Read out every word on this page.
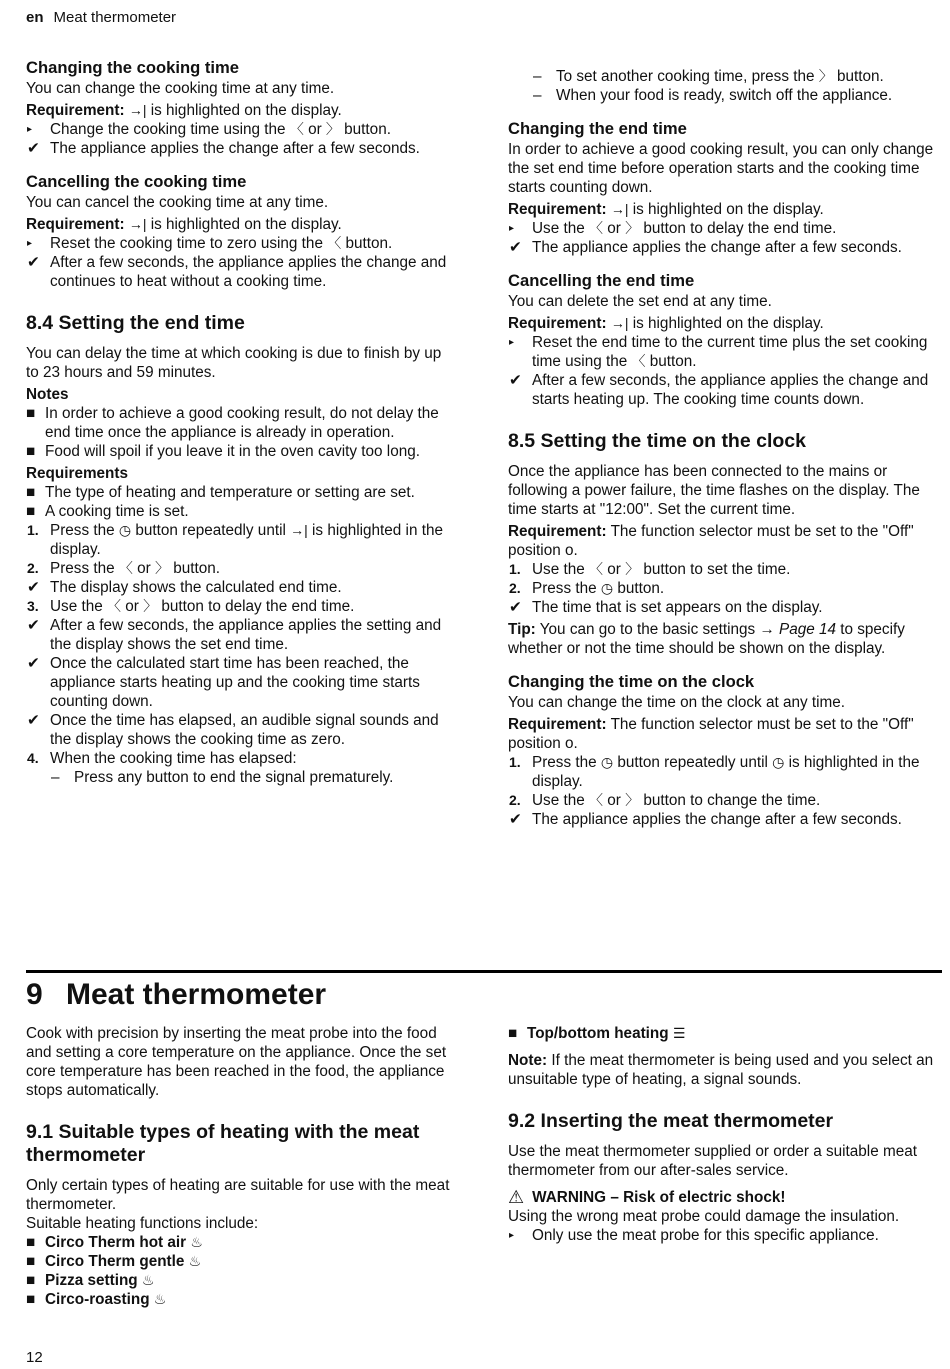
en Meat thermometer

Changing the cooking time

You can change the cooking time at any time.

Requirement: →| is highlighted on the display.

▸	Change the cooking time using the 〈 or 〉 button.
✔ The appliance applies the change after a few seconds.

Cancelling the cooking time

You can cancel the cooking time at any time.

Requirement: →| is highlighted on the display.

▸	Reset the cooking time to zero using the 〈 button.
✔ After a few seconds, the appliance applies the change and continues to heat without a cooking time.

8.4 Setting the end time

You can delay the time at which cooking is due to finish by up to 23 hours and 59 minutes.

Notes

■ In order to achieve a good cooking result, do not delay the end time once the appliance is already in operation.
■ Food will spoil if you leave it in the oven cavity too long.

Requirements

■ The type of heating and temperature or setting are set.
■ A cooking time is set.
1. Press the ◷ button repeatedly until →| is highlighted in the display.
2. Press the 〈 or 〉 button.
✔ The display shows the calculated end time.
3. Use the 〈 or 〉 button to delay the end time.
✔ After a few seconds, the appliance applies the setting and the display shows the set end time.
✔ Once the calculated start time has been reached, the appliance starts heating up and the cooking time starts counting down.
✔ Once the time has elapsed, an audible signal sounds and the display shows the cooking time as zero.
4. When the cooking time has elapsed:
– Press any button to end the signal prematurely.
– To set another cooking time, press the 〉 button.
– When your food is ready, switch off the appliance.

Changing the end time

In order to achieve a good cooking result, you can only change the set end time before operation starts and the cooking time starts counting down.

Requirement: →| is highlighted on the display.

▸	Use the 〈 or 〉 button to delay the end time.
✔ The appliance applies the change after a few seconds.

Cancelling the end time

You can delete the set end at any time.

Requirement: →| is highlighted on the display.

▸	Reset the end time to the current time plus the set cooking time using the 〈 button.
✔ After a few seconds, the appliance applies the change and starts heating up. The cooking time counts down.

8.5 Setting the time on the clock

Once the appliance has been connected to the mains or following a power failure, the time flashes on the display. The time starts at "12:00". Set the current time.

Requirement: The function selector must be set to the "Off" position o.

1. Use the 〈 or 〉 button to set the time.
2. Press the ◷ button.
✔ The time that is set appears on the display.

Tip: You can go to the basic settings → Page 14 to specify whether or not the time should be shown on the display.

Changing the time on the clock

You can change the time on the clock at any time.

Requirement: The function selector must be set to the "Off" position o.

1. Press the ◷ button repeatedly until ◷ is highlighted in the display.
2. Use the 〈 or 〉 button to change the time.
✔ The appliance applies the change after a few seconds.
9 Meat thermometer

Cook with precision by inserting the meat probe into the food and setting a core temperature on the appliance. Once the set core temperature has been reached in the food, the appliance stops automatically.

9.1 Suitable types of heating with the meat thermometer

Only certain types of heating are suitable for use with the meat thermometer.

Suitable heating functions include:

■ Circo Therm hot air ♨
■ Circo Therm gentle ♨
■ Pizza setting ♨
■ Circo-roasting ♨
■ Top/bottom heating ☰

Note: If the meat thermometer is being used and you select an unsuitable type of heating, a signal sounds.

9.2 Inserting the meat thermometer

Use the meat thermometer supplied or order a suitable meat thermometer from our after-sales service.

⚠ WARNING – Risk of electric shock!

Using the wrong meat probe could damage the insulation.

▸	Only use the meat probe for this specific appliance.
12
